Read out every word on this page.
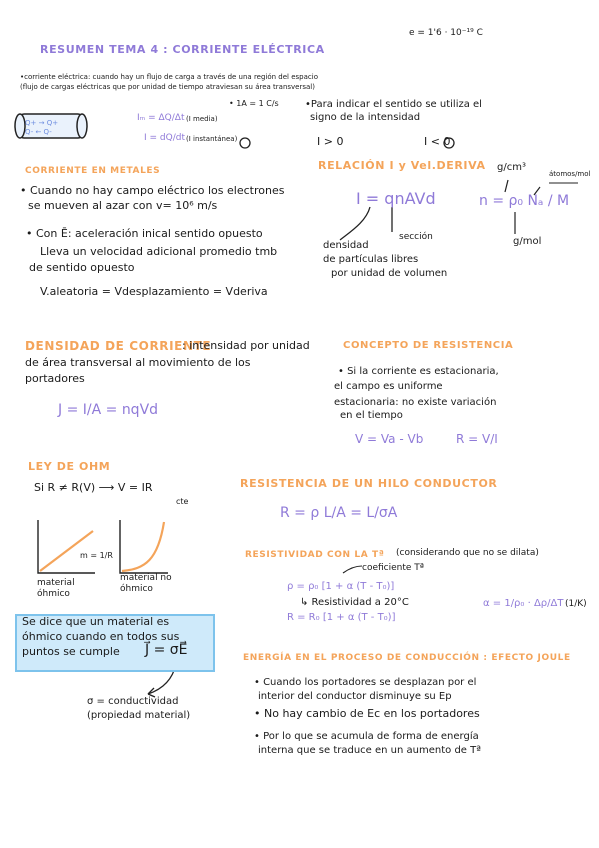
e = 1'6 · 10⁻¹⁹ C
RESUMEN TEMA 4 : CORRIENTE ELÉCTRICA
•corriente eléctrica: cuando hay un flujo de carga a través de una región del espacio
(flujo de cargas eléctricas que por unidad de tiempo atraviesan su área transversal)
Q+ → Q+
Q- ← Q-
• 1A = 1 C/s
Iₘ = ΔQ/Δt (I media)
I = dQ/dt (I instantánea)
•Para indicar el sentido se utiliza el
signo de la intensidad
I > 0	I < 0
CORRIENTE EN METALES
• Cuando no hay campo eléctrico los electrones
se mueven al azar con v= 10⁶ m/s
• Con Ē: aceleración inical sentido opuesto
Lleva un velocidad adicional promedio tmb
de sentido opuesto
V.aleatoria = Vdesplazamiento = Vderiva
RELACIÓN I y Vel.DERIVA
I = qnAVd
sección
densidad
de partículas libres
por unidad de volumen
n = ρ₀ Nₐ / M
g/cm³
átomos/mol
g/mol
DENSIDAD DE CORRIENTE
: intensidad por unidad
de área transversal al movimiento de los
portadores
J = I/A = nqVd
CONCEPTO DE RESISTENCIA
• Si la corriente es estacionaria,
el campo es uniforme
estacionaria: no existe variación
en el tiempo
V = Va - Vb	R = V/I
LEY DE OHM
Si R ≠ R(V) ⟶ V = IR
cte
m = 1/R
material óhmico
material no óhmico
Se dice que un material es
óhmico cuando en todos sus
puntos se cumple J⃗ = σE⃗
σ = conductividad
(propiedad material)
RESISTENCIA DE UN HILO CONDUCTOR
R = ρ L/A = L/σA
RESISTIVIDAD CON LA Tª (considerando que no se dilata)
coeficiente Tª
ρ = ρ₀ [1 + α (T - T₀)]
↳ Resistividad a 20°C
R = R₀ [1 + α (T - T₀)]
α = 1/ρ₀ · Δρ/ΔT (1/K)
ENERGÍA EN EL PROCESO DE CONDUCCIÓN : EFECTO JOULE
• Cuando los portadores se desplazan por el
interior del conductor disminuye su Ep
• No hay cambio de Ec en los portadores
• Por lo que se acumula de forma de energía
interna que se traduce en un aumento de Tª
